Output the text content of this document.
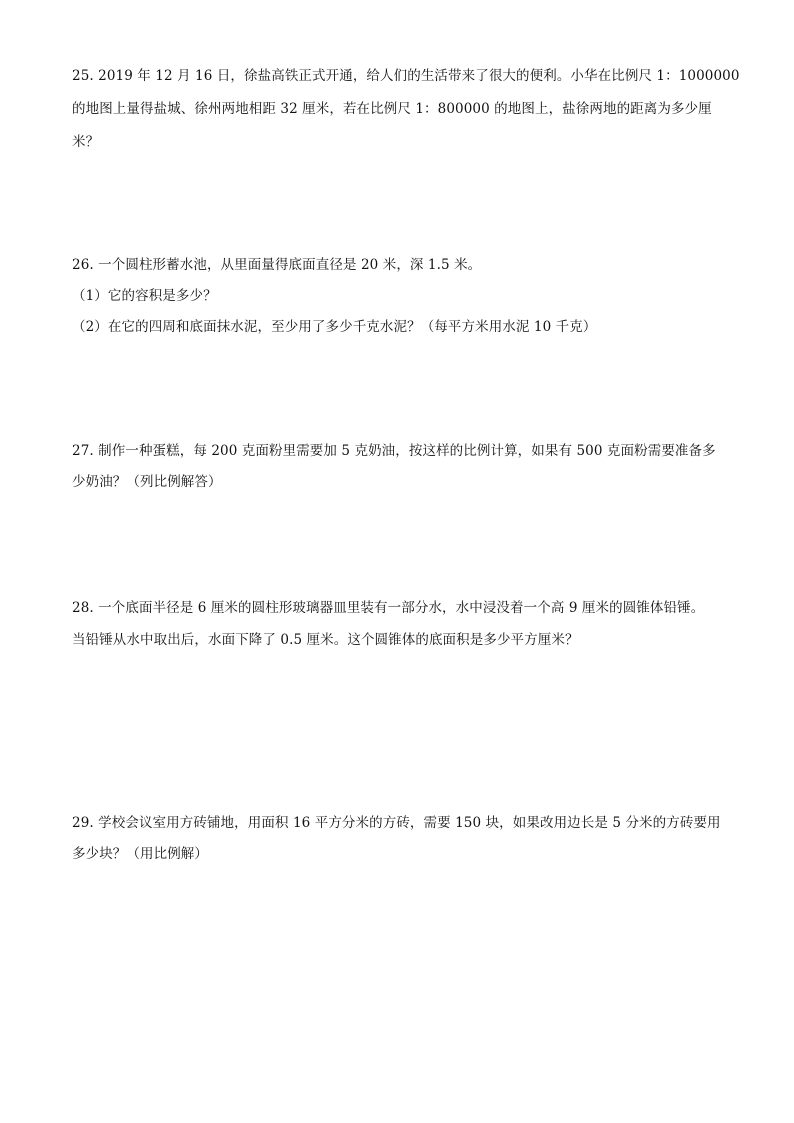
25. 2019 年 12 月 16 日，徐盐高铁正式开通，给人们的生活带来了很大的便利。小华在比例尺 1：1000000
的地图上量得盐城、徐州两地相距 32 厘米，若在比例尺 1：800000 的地图上，盐徐两地的距离为多少厘
米？
26. 一个圆柱形蓄水池，从里面量得底面直径是 20 米，深 1.5 米。
（1）它的容积是多少？
（2）在它的四周和底面抹水泥，至少用了多少千克水泥？（每平方米用水泥 10 千克）
27. 制作一种蛋糕，每 200 克面粉里需要加 5 克奶油，按这样的比例计算，如果有 500 克面粉需要准备多
少奶油？（列比例解答）
28. 一个底面半径是 6 厘米的圆柱形玻璃器皿里装有一部分水，水中浸没着一个高 9 厘米的圆锥体铅锤。
当铅锤从水中取出后，水面下降了 0.5 厘米。这个圆锥体的底面积是多少平方厘米？
29. 学校会议室用方砖铺地，用面积 16 平方分米的方砖，需要 150 块，如果改用边长是 5 分米的方砖要用
多少块？（用比例解）
